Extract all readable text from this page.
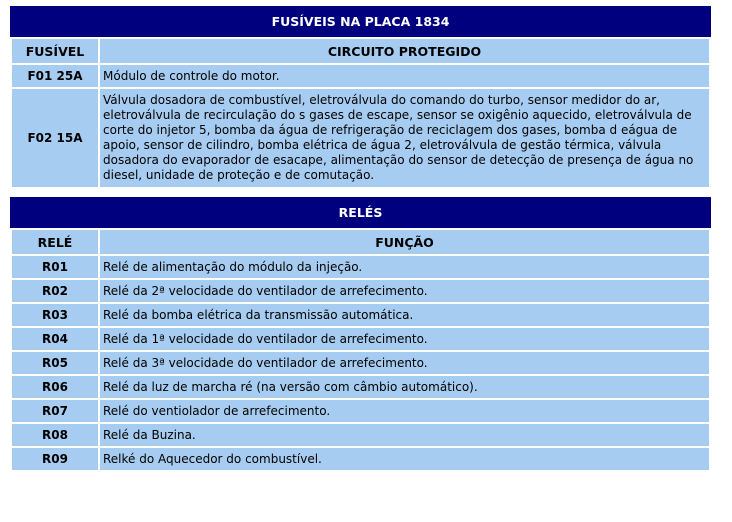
FUSÍVEIS NA PLACA 1834
FUSÍVEL	CIRCUITO PROTEGIDO
F01 25A	Módulo de controle do motor.
F02 15A	Válvula dosadora de combustível, eletroválvula do comando do turbo, sensor medidor do ar, eletroválvula de recirculação do s gases de escape, sensor se oxigênio aquecido, eletroválvula de corte do injetor 5, bomba da água de refrigeração de reciclagem dos gases, bomba d eágua de apoio, sensor de cilindro, bomba elétrica de água 2, eletroválvula de gestão térmica, válvula dosadora do evaporador de esacape, alimentação do sensor de detecção de presença de água no diesel, unidade de proteção e de comutação.
RELÉS
RELÉ	FUNÇÃO
R01	Relé de alimentação do módulo da injeção.
R02	Relé da 2ª velocidade do ventilador de arrefecimento.
R03	Relé da bomba elétrica da transmissão automática.
R04	Relé da 1ª velocidade do ventilador de arrefecimento.
R05	Relé da 3ª velocidade do ventilador de arrefecimento.
R06	Relé da luz de marcha ré (na versão com câmbio automático).
R07	Relé do ventiolador de arrefecimento.
R08	Relé da Buzina.
R09	Relké do Aquecedor do combustível.
